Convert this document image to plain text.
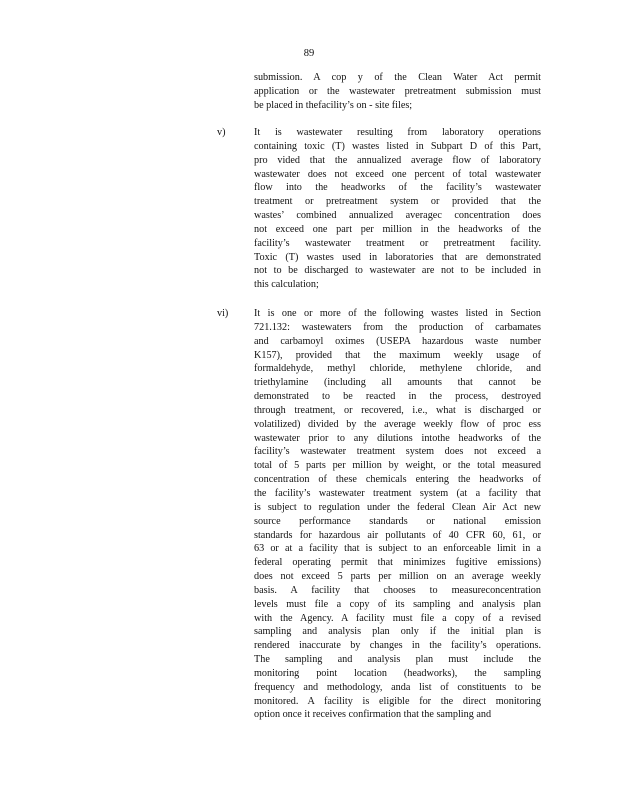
89
submission. A cop y of the Clean Water Act permit
application or the wastewater pretreatment submission must
be placed in thefacility’s on - site files;
v)	It is wastewater resulting from laboratory operations
containing toxic (T) wastes listed in Subpart D of this Part,
pro vided that the annualized average flow of laboratory
wastewater does not exceed one percent of total wastewater
flow into the headworks of the facility’s wastewater
treatment or pretreatment system or provided that the
wastes’ combined annualized averagec concentration does
not exceed one part per million in the headworks of the
facility’s wastewater treatment or pretreatment facility.
Toxic (T) wastes used in laboratories that are demonstrated
not to be discharged to wastewater are not to be included in
this calculation;
vi)	It is one or more of the following wastes listed in Section
721.132: wastewaters from the production of carbamates
and carbamoyl oximes (USEPA hazardous waste number
K157), provided that the maximum weekly usage of
formaldehyde, methyl chloride, methylene chloride, and
triethylamine (including all amounts that cannot be
demonstrated to be reacted in the process, destroyed
through treatment, or recovered, i.e., what is discharged or
volatilized) divided by the average weekly flow of proc ess
wastewater prior to any dilutions intothe headworks of the
facility’s wastewater treatment system does not exceed a
total of 5 parts per million by weight, or the total measured
concentration of these chemicals entering the headworks of
the facility’s wastewater treatment system (at a facility that
is subject to regulation under the federal Clean Air Act new
source performance standards or national emission
standards for hazardous air pollutants of 40 CFR 60, 61, or
63 or at a facility that is subject to an enforceable limit in a
federal operating permit that minimizes fugitive emissions)
does not exceed 5 parts per million on an average weekly
basis. A facility that chooses to measureconcentration
levels must file a copy of its sampling and analysis plan
with the Agency. A facility must file a copy of a revised
sampling and analysis plan only if the initial plan is
rendered inaccurate by changes in the facility’s operations.
The sampling and analysis plan must include the
monitoring point location (headworks), the sampling
frequency and methodology, anda list of constituents to be
monitored. A facility is eligible for the direct monitoring
option once it receives confirmation that the sampling and
